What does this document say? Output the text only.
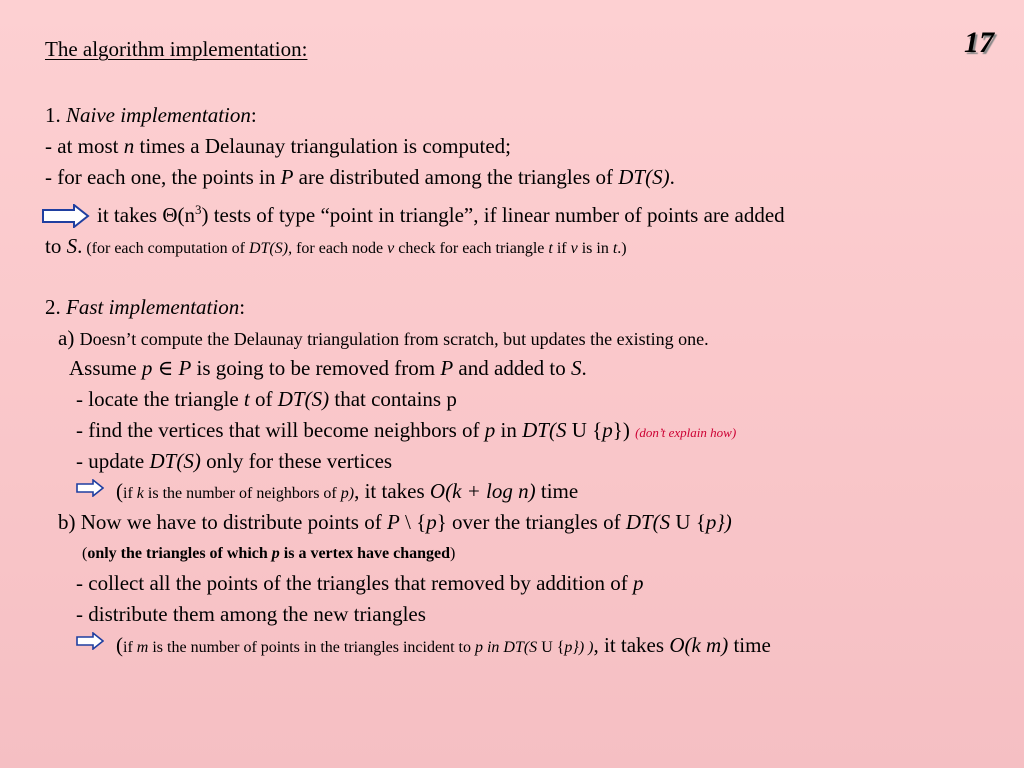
The algorithm implementation:	17
1. Naive implementation:
- at most n times a Delaunay triangulation is computed;
- for each one, the points in P are distributed among the triangles of DT(S).
it takes $\Theta(n^3)$ tests of type “point in triangle”, if linear number of points are added
to S. (for each computation of DT(S), for each node v check for each triangle t if v is in t.)
2. Fast implementation:
a) Doesn’t compute the Delaunay triangulation from scratch, but updates the existing one.
Assume p ∈ P is going to be removed from P and added to S.
- locate the triangle t of DT(S) that contains p
- find the vertices that will become neighbors of p in DT(S U {p}) (don’t explain how)
- update DT(S) only for these vertices
(if k is the number of neighbors of p), it takes O(k + log n) time
b) Now we have to distribute points of P \ {p} over the triangles of DT(S U {p})
(only the triangles of which p is a vertex have changed)
- collect all the points of the triangles that removed by addition of p
- distribute them among the new triangles
(if m is the number of points in the triangles incident to p in DT(S U {p}) ), it takes O(k m) time
